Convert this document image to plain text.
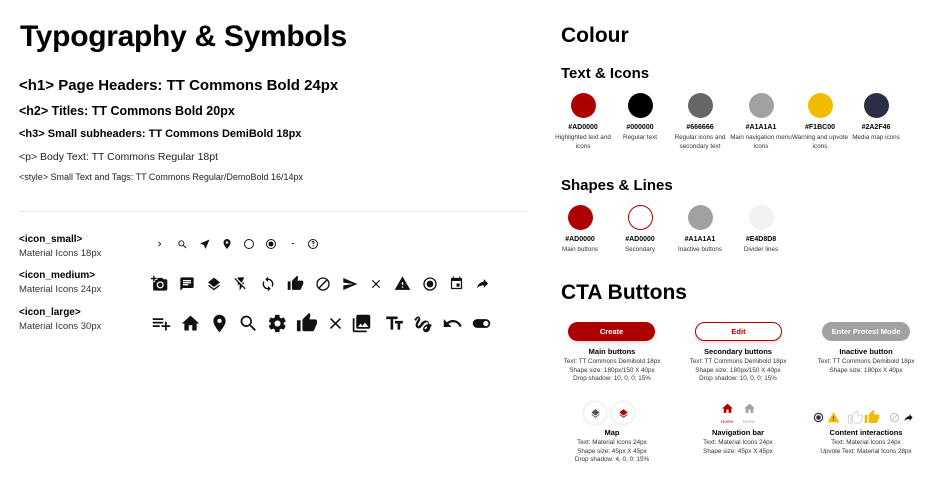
Typography & Symbols
<h1> Page Headers: TT Commons Bold 24px
<h2> Titles: TT Commons Bold 20px
<h3> Small subheaders: TT Commons DemiBold 18px
<p> Body Text: TT Commons Regular 18pt
<style> Small Text and Tags: TT Commons Regular/DemoBold 16/14px
<icon_small>
Material Icons 18px
<icon_medium>
Material Icons 24px
<icon_large>
Material Icons 30px
Colour
Text & Icons
#AD0000
Highlighted text and icons
#000000
Regular text
#666666
Regular icons and secondary text
#A1A1A1
Main navigation menu icons
#F1BC00
Warning and upvote icons
#2A2F46
Media map icons
Shapes & Lines
#AD0000
Main buttons
#AD0000
Secondary
#A1A1A1
Inactive buttons
#E4D8D8
Divider lines
CTA Buttons
Create
Main buttons
Text: TT Commons Demibold 18px
Shape size: 180px/150 X 40px
Drop shadow: 10, 0, 0; 15%
Edit
Secondary buttons
Text: TT Commons Demibold 18px
Shape size: 180px/150 X 40px
Drop shadow: 10, 0, 0; 15%
Enter Protest Mode
Inactive button
Text: TT Commons Demibold 18px
Shape size: 180px X 40px
Map
Text: Material Icons 24px
Shape size: 45px X 45px
Drop shadow: 4, 0, 0; 15%
Home	Home
Navigation bar
Text: Material Icons 24px
Shape size: 45px X 45px
Content interactions
Text: Material Icons 24px
Upvote Text: Material Icons 28px
